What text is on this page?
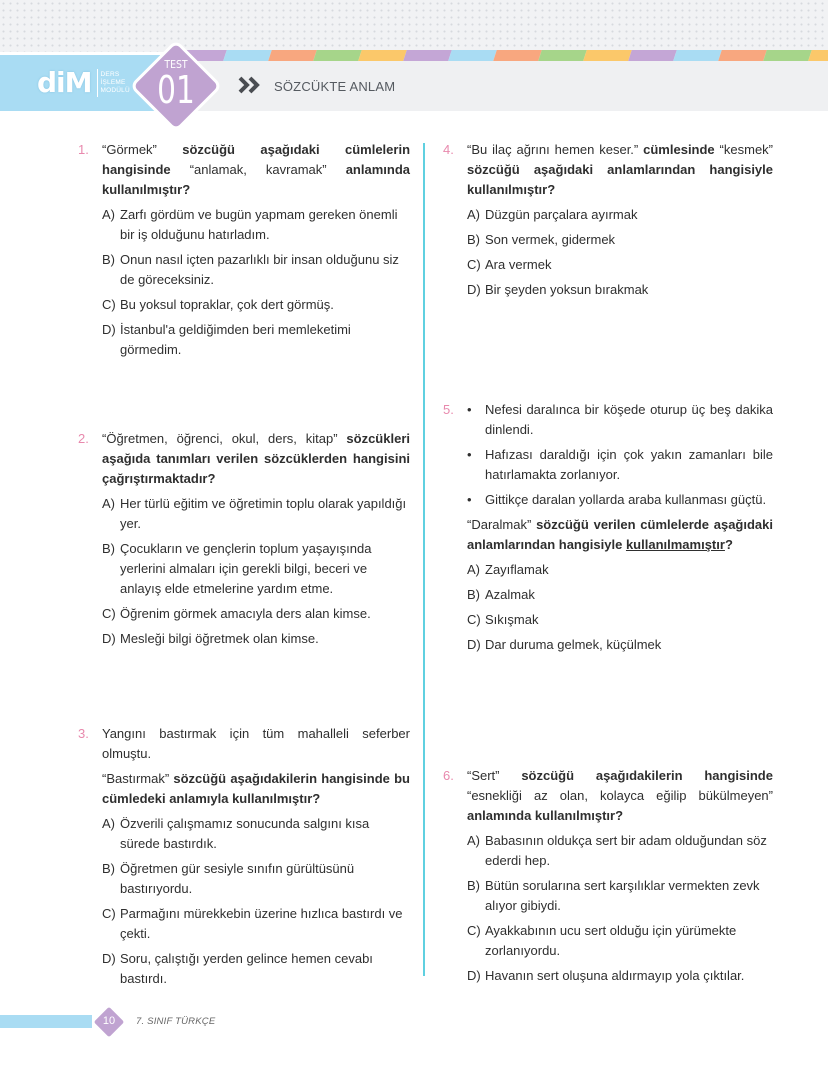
diM DERS
İŞLEME
MODÜLÜ
TEST
01	SÖZCÜKTE ANLAM
1. “Görmek” sözcüğü aşağıdaki cümlelerin hangisinde “anlamak, kavramak” anlamında kullanılmıştır?
A) Zarfı gördüm ve bugün yapmam gereken önemli bir iş olduğunu hatırladım.
B) Onun nasıl içten pazarlıklı bir insan olduğunu siz de göreceksiniz.
C) Bu yoksul topraklar, çok dert görmüş.
D) İstanbul'a geldiğimden beri memleketimi görmedim.
2. “Öğretmen, öğrenci, okul, ders, kitap” sözcükleri aşağıda tanımları verilen sözcüklerden hangisini çağrıştırmaktadır?
A) Her türlü eğitim ve öğretimin toplu olarak yapıldığı yer.
B) Çocukların ve gençlerin toplum yaşayışında yerlerini almaları için gerekli bilgi, beceri ve anlayış elde etmelerine yardım etme.
C) Öğrenim görmek amacıyla ders alan kimse.
D) Mesleği bilgi öğretmek olan kimse.
3. Yangını bastırmak için tüm mahalleli seferber olmuştu.
“Bastırmak” sözcüğü aşağıdakilerin hangisinde bu cümledeki anlamıyla kullanılmıştır?
A) Özverili çalışmamız sonucunda salgını kısa sürede bastırdık.
B) Öğretmen gür sesiyle sınıfın gürültüsünü bastırıyordu.
C) Parmağını mürekkebin üzerine hızlıca bastırdı ve çekti.
D) Soru, çalıştığı yerden gelince hemen cevabı bastırdı.
4. “Bu ilaç ağrını hemen keser.” cümlesinde “kesmek” sözcüğü aşağıdaki anlamlarından hangisiyle kullanılmıştır?
A) Düzgün parçalara ayırmak
B) Son vermek, gidermek
C) Ara vermek
D) Bir şeyden yoksun bırakmak
5. •	Nefesi daralınca bir köşede oturup üç beş dakika dinlendi.
•	Hafızası daraldığı için çok yakın zamanları bile hatırlamakta zorlanıyor.
•	Gittikçe daralan yollarda araba kullanması güçtü.
“Daralmak” sözcüğü verilen cümlelerde aşağıdaki anlamlarından hangisiyle kullanılmamıştır?
A) Zayıflamak
B) Azalmak
C) Sıkışmak
D) Dar duruma gelmek, küçülmek
6. “Sert” sözcüğü aşağıdakilerin hangisinde “esnekliği az olan, kolayca eğilip bükülmeyen” anlamında kullanılmıştır?
A) Babasının oldukça sert bir adam olduğundan söz ederdi hep.
B) Bütün sorularına sert karşılıklar vermekten zevk alıyor gibiydi.
C) Ayakkabının ucu sert olduğu için yürümekte zorlanıyordu.
D) Havanın sert oluşuna aldırmayıp yola çıktılar.
10	7. SINIF TÜRKÇE
